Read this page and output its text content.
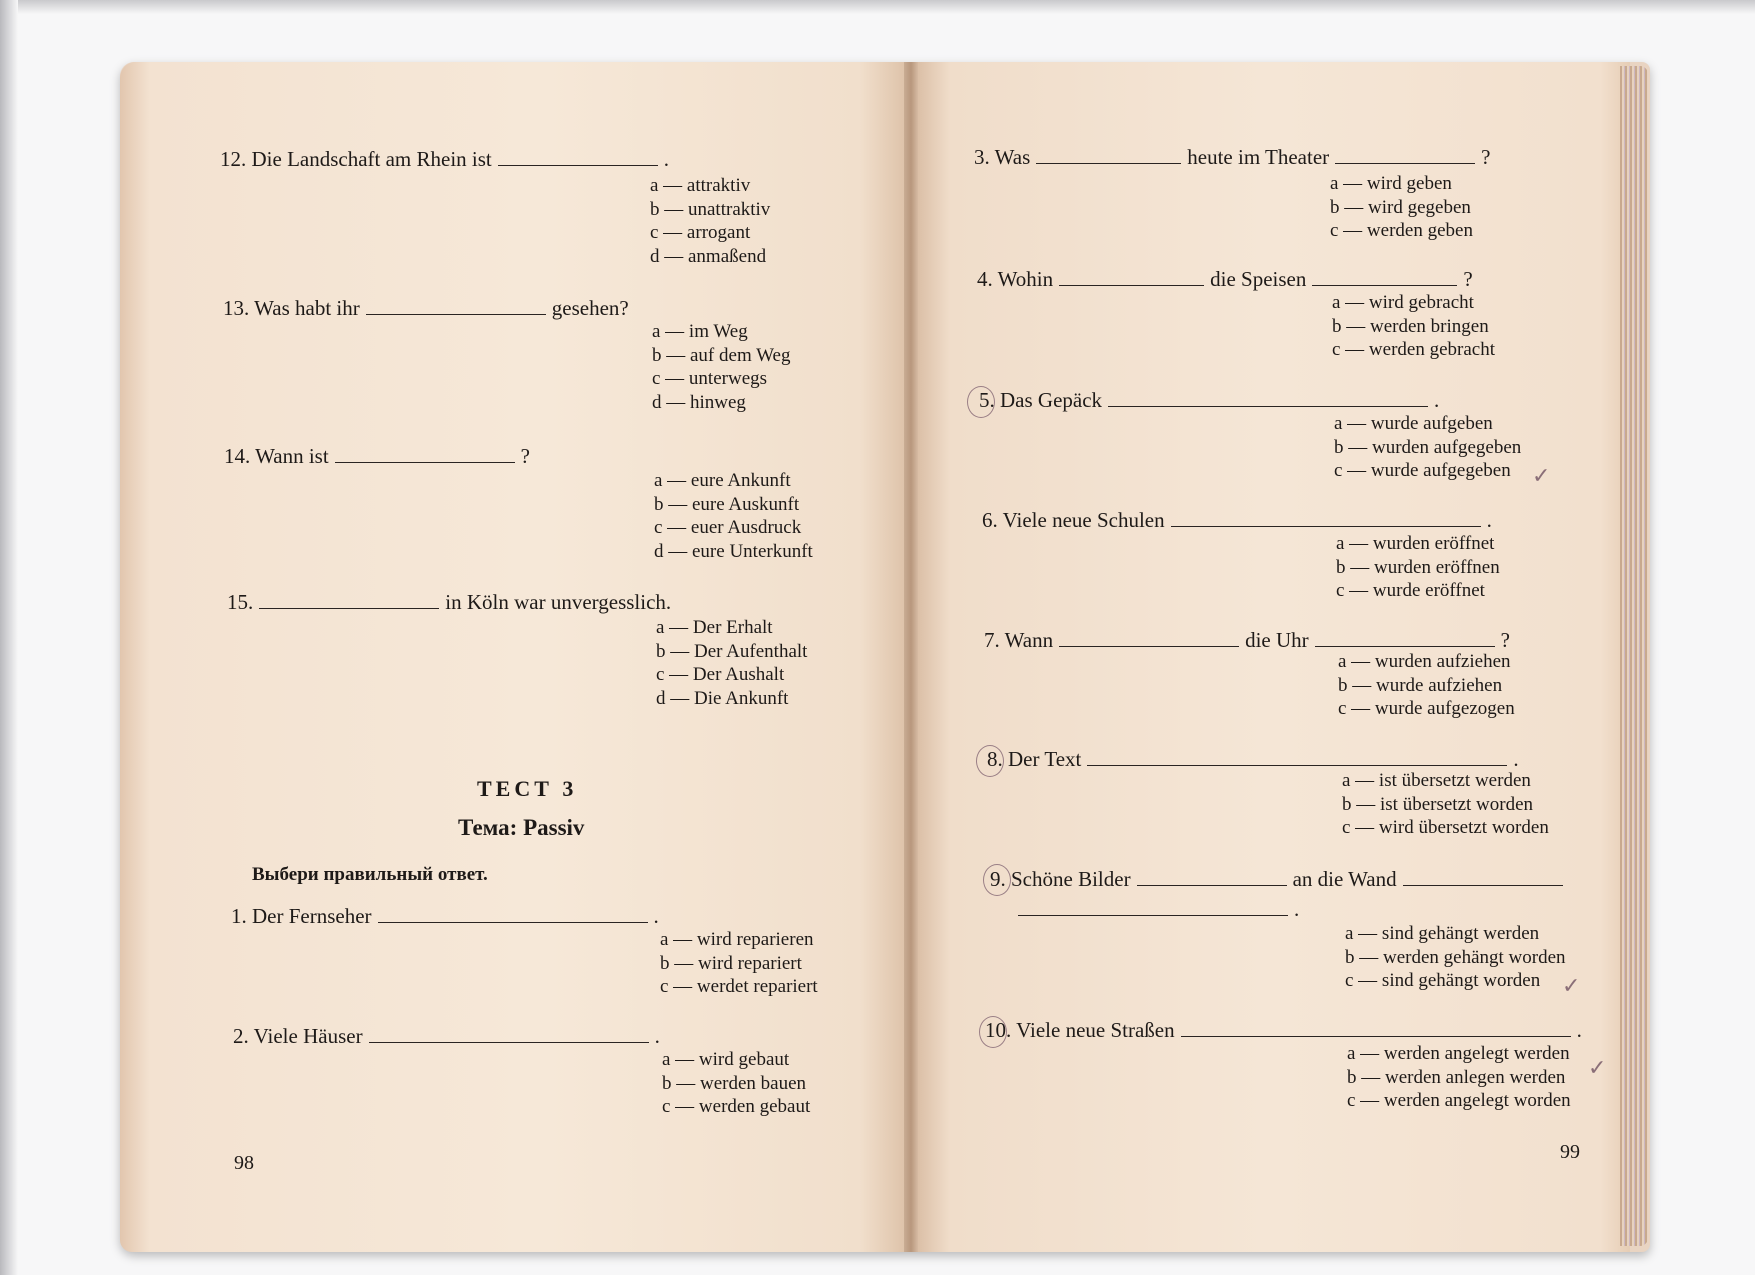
12. Die Landschaft am Rhein ist	.
a — attraktiv
b — unattraktiv
c — arrogant
d — anmaßend
13. Was habt ihr	gesehen?
a — im Weg
b — auf dem Weg
c — unterwegs
d — hinweg
14. Wann ist	?
a — eure Ankunft
b — eure Auskunft
c — euer Ausdruck
d — eure Unterkunft
15.	in Köln war unvergesslich.
a — Der Erhalt
b — Der Aufenthalt
c — Der Aushalt
d — Die Ankunft
ТЕСТ 3
Тема: Passiv
Выбери правильный ответ.
1. Der Fernseher	.
a — wird reparieren
b — wird repariert
c — werdet repariert
2. Viele Häuser	.
a — wird gebaut
b — werden bauen
c — werden gebaut
98
3. Was	heute im Theater	?
a — wird geben
b — wird gegeben
c — werden geben
4. Wohin	die Speisen	?
a — wird gebracht
b — werden bringen
c — werden gebracht
5. Das Gepäck	.
a — wurde aufgeben
b — wurden aufgegeben
c — wurde aufgegeben
6. Viele neue Schulen	.
a — wurden eröffnet
b — wurden eröffnen
c — wurde eröffnet
7. Wann	die Uhr	?
a — wurden aufziehen
b — wurde aufziehen
c — wurde aufgezogen
8. Der Text	.
a — ist übersetzt werden
b — ist übersetzt worden
c — wird übersetzt worden
9. Schöne Bilder	an die Wand
.
a — sind gehängt werden
b — werden gehängt worden
c — sind gehängt worden
10. Viele neue Straßen	.
a — werden angelegt werden
b — werden anlegen werden
c — werden angelegt worden
99
✓
✓
✓
